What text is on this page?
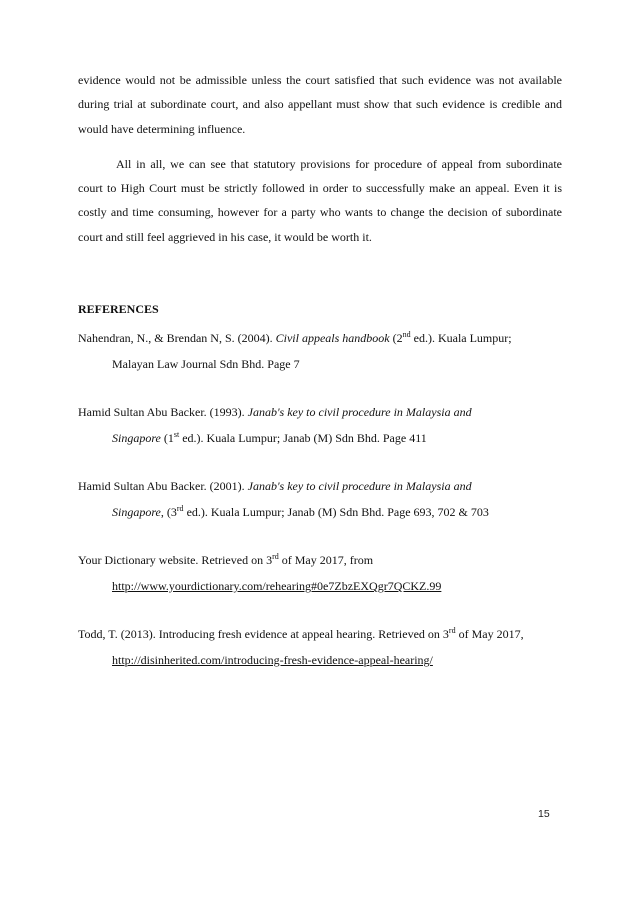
evidence would not be admissible unless the court satisfied that such evidence was not available during trial at subordinate court, and also appellant must show that such evidence is credible and would have determining influence.

All in all, we can see that statutory provisions for procedure of appeal from subordinate court to High Court must be strictly followed in order to successfully make an appeal. Even it is costly and time consuming, however for a party who wants to change the decision of subordinate court and still feel aggrieved in his case, it would be worth it.

REFERENCES

Nahendran, N., & Brendan N, S. (2004). Civil appeals handbook (2nd ed.). Kuala Lumpur;
Malayan Law Journal Sdn Bhd. Page 7

Hamid Sultan Abu Backer. (1993). Janab's key to civil procedure in Malaysia and
Singapore (1st ed.). Kuala Lumpur; Janab (M) Sdn Bhd. Page 411

Hamid Sultan Abu Backer. (2001). Janab's key to civil procedure in Malaysia and
Singapore, (3rd ed.). Kuala Lumpur; Janab (M) Sdn Bhd. Page 693, 702 & 703

Your Dictionary website. Retrieved on 3rd of May 2017, from
http://www.yourdictionary.com/rehearing#0e7ZbzEXQgr7QCKZ.99

Todd, T. (2013). Introducing fresh evidence at appeal hearing. Retrieved on 3rd of May 2017,
http://disinherited.com/introducing-fresh-evidence-appeal-hearing/

15
